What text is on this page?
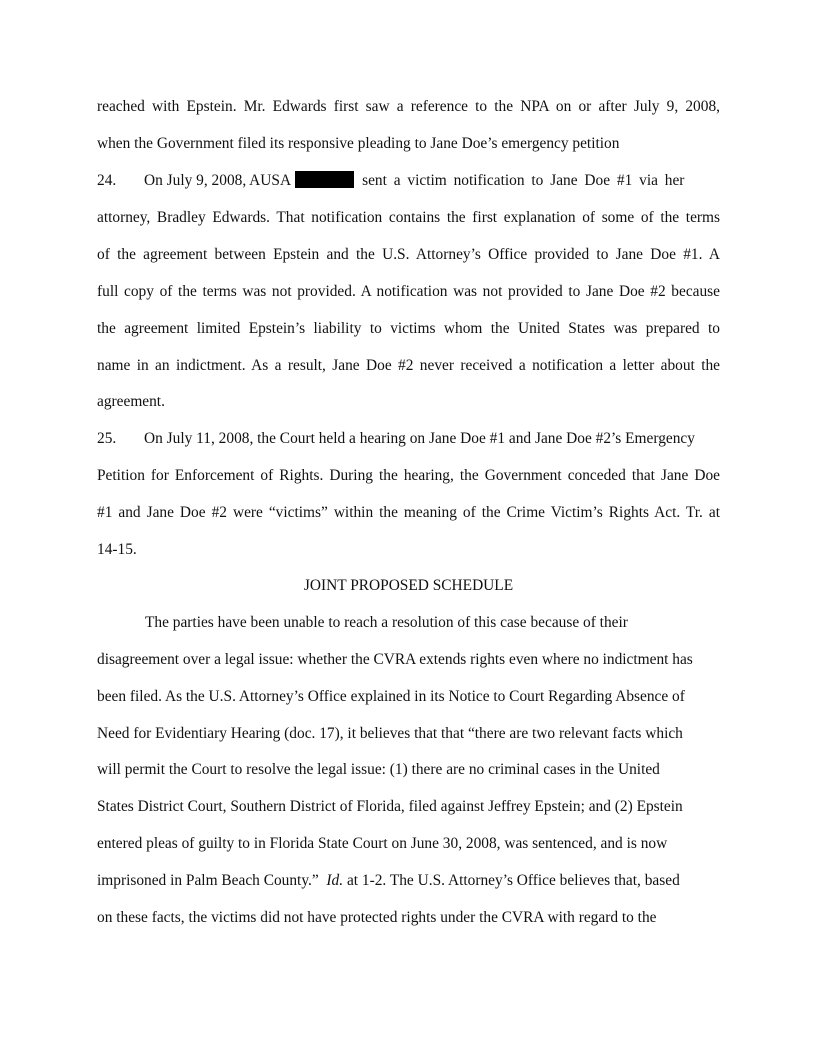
reached with Epstein. Mr. Edwards first saw a reference to the NPA on or after July 9, 2008,
when the Government filed its responsive pleading to Jane Doe’s emergency petition
24. On July 9, 2008, AUSA	sent a victim notification to Jane Doe #1 via her
attorney, Bradley Edwards. That notification contains the first explanation of some of the terms
of the agreement between Epstein and the U.S. Attorney’s Office provided to Jane Doe #1. A
full copy of the terms was not provided. A notification was not provided to Jane Doe #2 because
the agreement limited Epstein’s liability to victims whom the United States was prepared to
name in an indictment. As a result, Jane Doe #2 never received a notification a letter about the
agreement.
25. On July 11, 2008, the Court held a hearing on Jane Doe #1 and Jane Doe #2’s Emergency
Petition for Enforcement of Rights. During the hearing, the Government conceded that Jane Doe
#1 and Jane Doe #2 were “victims” within the meaning of the Crime Victim’s Rights Act. Tr. at
14-15.
JOINT PROPOSED SCHEDULE
The parties have been unable to reach a resolution of this case because of their
disagreement over a legal issue: whether the CVRA extends rights even where no indictment has
been filed. As the U.S. Attorney’s Office explained in its Notice to Court Regarding Absence of
Need for Evidentiary Hearing (doc. 17), it believes that that “there are two relevant facts which
will permit the Court to resolve the legal issue: (1) there are no criminal cases in the United
States District Court, Southern District of Florida, filed against Jeffrey Epstein; and (2) Epstein
entered pleas of guilty to in Florida State Court on June 30, 2008, was sentenced, and is now
imprisoned in Palm Beach County.” Id. at 1-2. The U.S. Attorney’s Office believes that, based
on these facts, the victims did not have protected rights under the CVRA with regard to the
